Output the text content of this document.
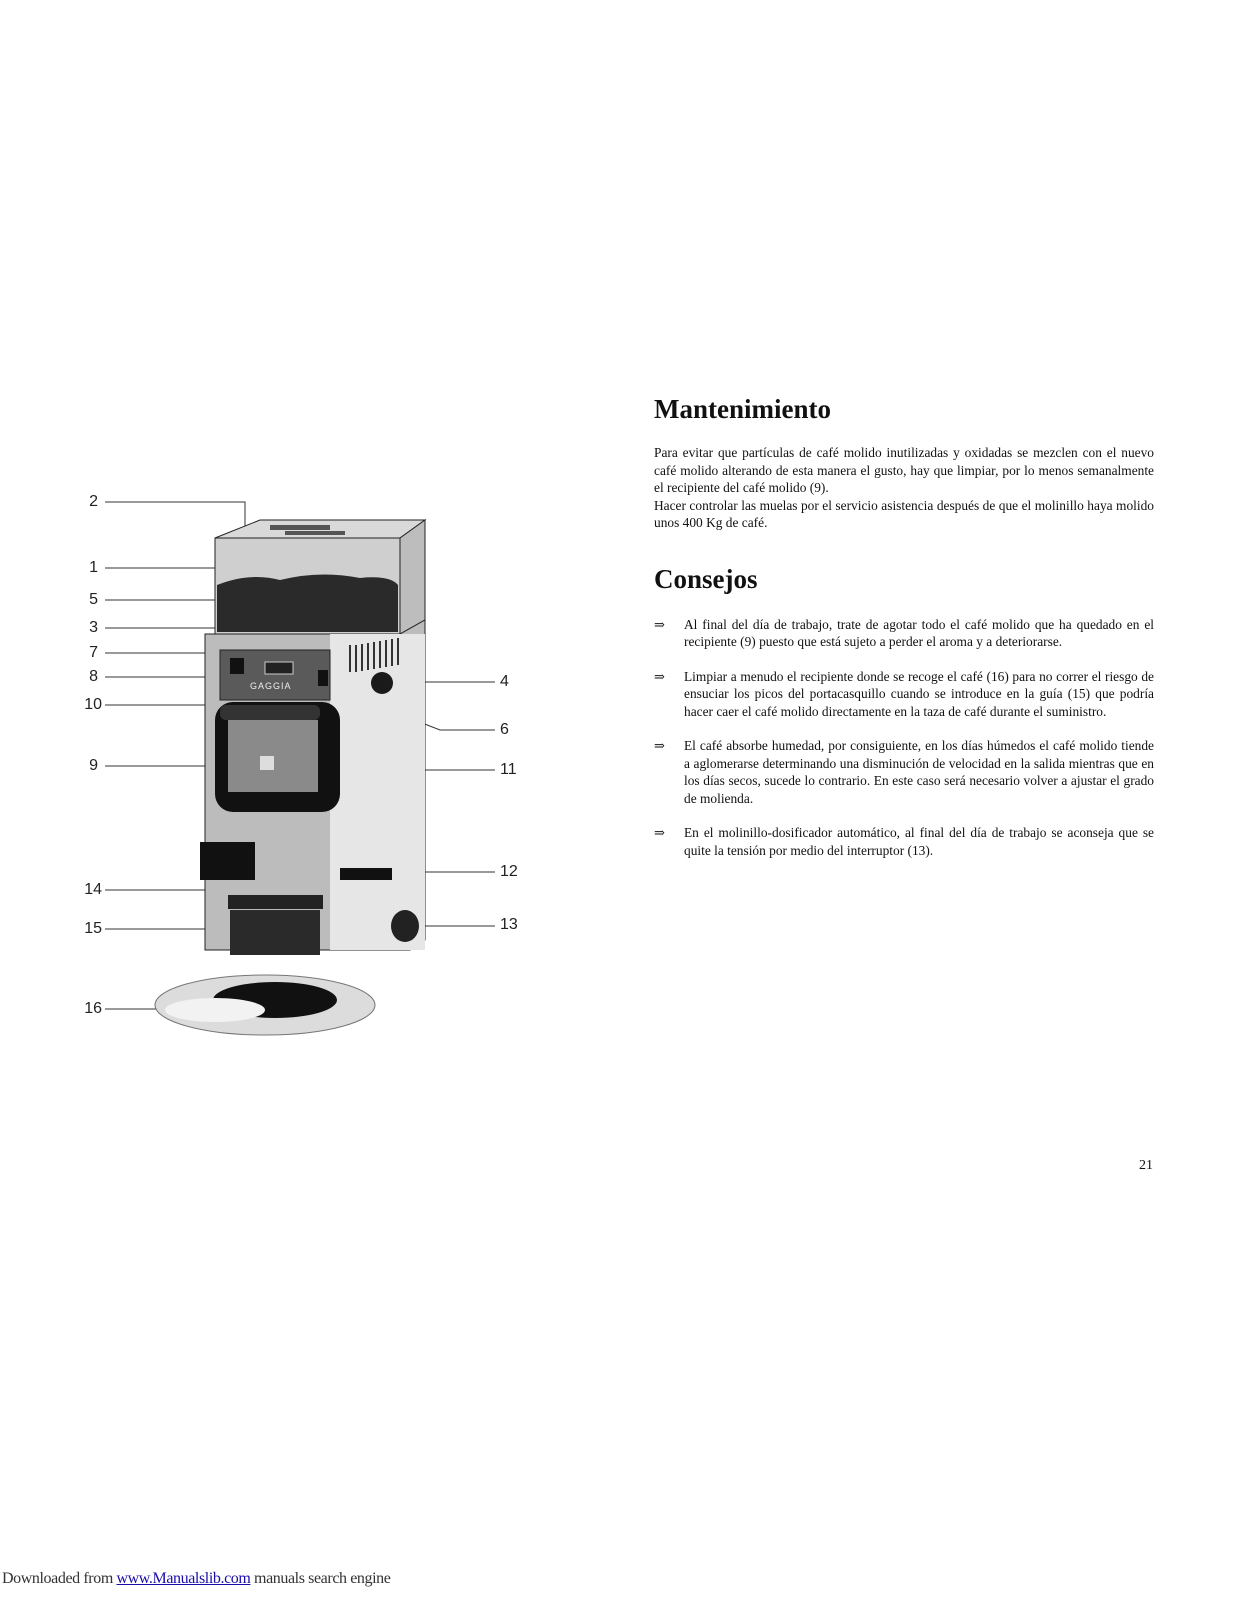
GAGGIA
2
1
5
3
7
8
10
9
14
15
16
4
6
11
12
13
Mantenimiento

Para evitar que partículas de café molido inutilizadas y oxidadas se mezclen con el nuevo café molido alterando de esta manera el gusto, hay que limpiar, por lo menos semanalmente el recipiente del café molido (9).

Hacer controlar las muelas por el servicio asistencia después de que el molinillo haya molido unos 400 Kg de café.

Consejos
⇒	Al final del día de trabajo, trate de agotar todo el café molido que ha quedado en el recipiente (9) puesto que está sujeto a perder el aroma y a deteriorarse.
⇒	Limpiar a menudo el recipiente donde se recoge el café (16) para no correr el riesgo de ensuciar los picos del portacasquillo cuando se introduce en la guía (15) que podría hacer caer el café molido directamente en la taza de café durante el suministro.
⇒	El café absorbe humedad, por consiguiente, en los días húmedos el café molido tiende a aglomerarse determinando una disminución de velocidad en la salida mientras que en los días secos, sucede lo contrario. En este caso será necesario volver a ajustar el grado de molienda.
⇒	En el molinillo-dosificador automático, al final del día de trabajo se aconseja que se quite la tensión por medio del interruptor (13).
21
Downloaded from www.Manualslib.com manuals search engine
